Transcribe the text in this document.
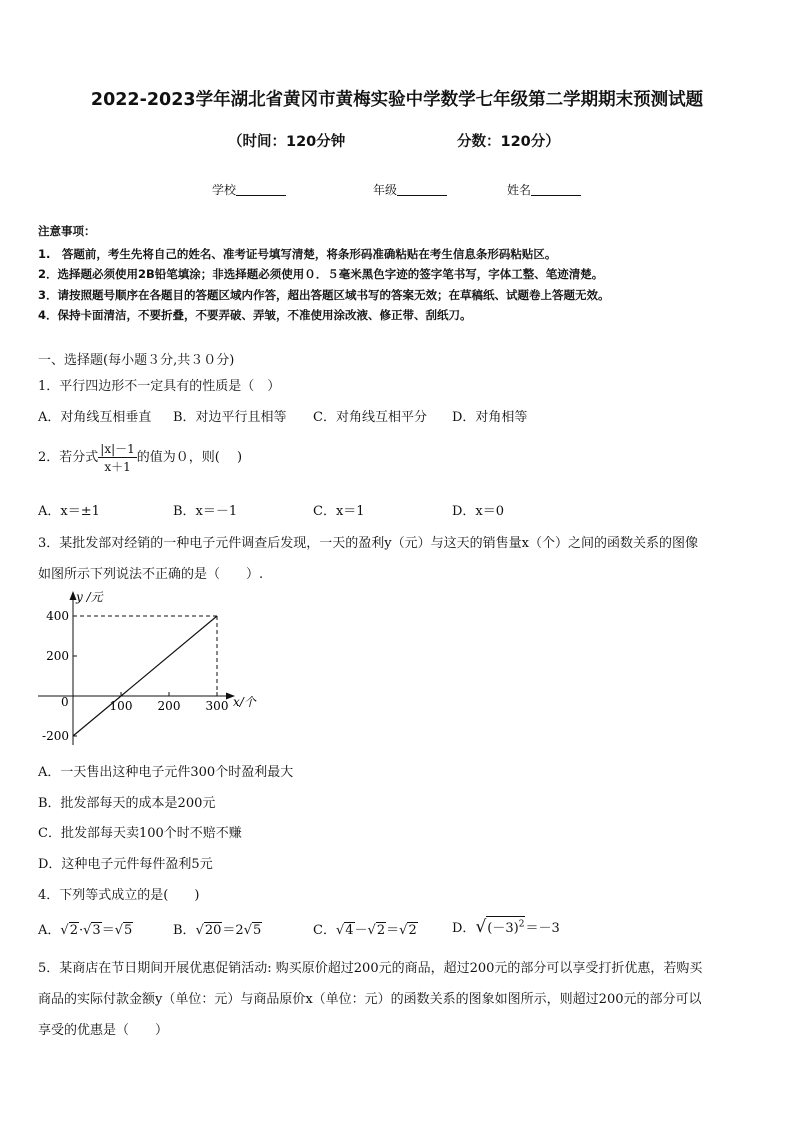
2022-2023学年湖北省黄冈市黄梅实验中学数学七年级第二学期期末预测试题
（时间：120分钟	分数：120分）
学校	年级	姓名
注意事项：
1.　答题前，考生先将自己的姓名、准考证号填写清楚，将条形码准确粘贴在考生信息条形码粘贴区。
2．选择题必须使用2B铅笔填涂；非选择题必须使用０．５毫米黑色字迹的签字笔书写，字体工整、笔迹清楚。
3．请按照题号顺序在各题目的答题区域内作答，超出答题区域书写的答案无效；在草稿纸、试题卷上答题无效。
4．保持卡面清洁，不要折叠，不要弄破、弄皱，不准使用涂改液、修正带、刮纸刀。
一、选择题(每小题３分,共３０分)
1．平行四边形不一定具有的性质是（　）
A．对角线互相垂直 B．对边平行且相等 C．对角线互相平分 D．对角相等
2．若分式 $\frac{|x|-1}{x+1}$ 的值为０，则(　 )
A．x＝±1	B．x＝－1	C．x＝1	D．x＝0
3．某批发部对经销的一种电子元件调查后发现，一天的盈利y（元）与这天的销售量x（个）之间的函数关系的图像
如图所示下列说法不正确的是（　　）.
100 200 300
400
200
-200
y /元
x/个
0
A．一天售出这种电子元件300个时盈利最大
B．批发部每天的成本是200元
C．批发部每天卖100个时不赔不赚
D．这种电子元件每件盈利5元
4．下列等式成立的是(　　)
A．√2·√3＝√5	B．√20＝2√5	C．√4－√2＝√2	D．$√(-3)^2=-3$
5．某商店在节日期间开展优惠促销活动: 购买原价超过200元的商品，超过200元的部分可以享受打折优惠，若购买
商品的实际付款金额y（单位：元）与商品原价x（单位：元）的函数关系的图象如图所示，则超过200元的部分可以
享受的优惠是（　　）
